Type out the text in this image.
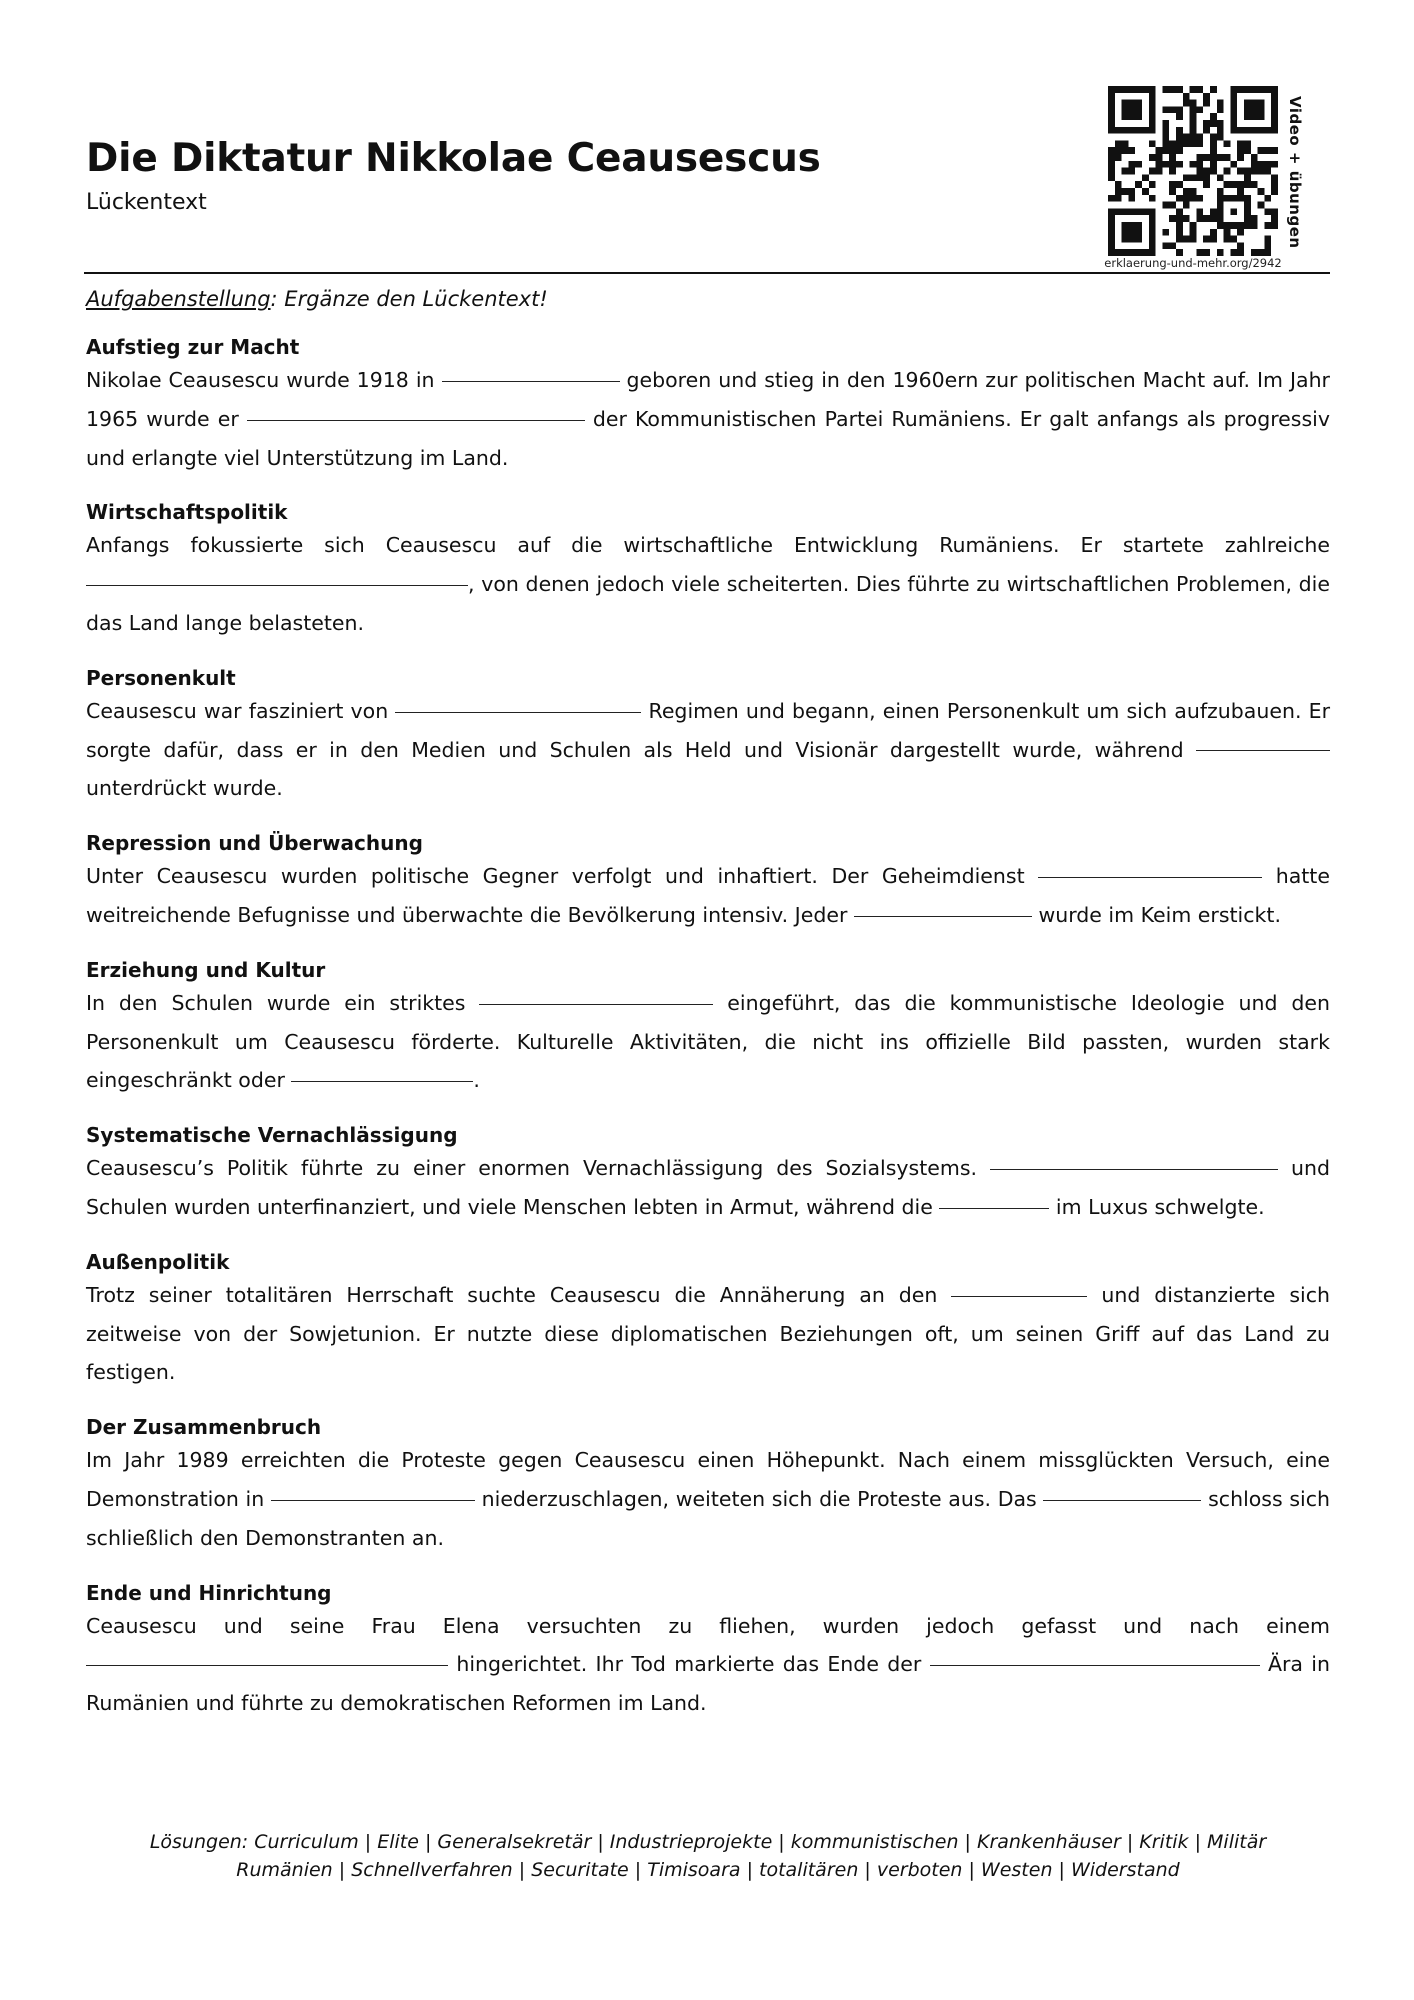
Die Diktatur Nikkolae Ceausescus
Lückentext
erklaerung-und-mehr.org/2942
Video + übungen
Aufgabenstellung: Ergänze den Lückentext!
Aufstieg zur Macht

Nikolae Ceausescu wurde 1918 in	geboren und stieg in den 1960ern zur politischen Macht auf. Im Jahr 1965 wurde er	der Kommunistischen Partei Rumäniens. Er galt anfangs als progressiv und erlangte viel Unterstützung im Land.

Wirtschaftspolitik

Anfangs fokussierte sich Ceausescu auf die wirtschaftliche Entwicklung Rumäniens. Er startete zahlreiche , von denen jedoch viele scheiterten. Dies führte zu wirtschaftlichen Problemen, die das Land lange belasteten.

Personenkult

Ceausescu war fasziniert von	Regimen und begann, einen Personenkult um sich aufzubauen. Er sorgte dafür, dass er in den Medien und Schulen als Held und Visionär dargestellt wurde, während  unterdrückt wurde.

Repression und Überwachung

Unter Ceausescu wurden politische Gegner verfolgt und inhaftiert. Der Geheimdienst	hatte weitreichende Befugnisse und überwachte die Bevölkerung intensiv. Jeder	wurde im Keim erstickt.

Erziehung und Kultur

In den Schulen wurde ein striktes	eingeführt, das die kommunistische Ideologie und den Personenkult um Ceausescu förderte. Kulturelle Aktivitäten, die nicht ins offizielle Bild passten, wurden stark eingeschränkt oder	.

Systematische Vernachlässigung

Ceausescu’s Politik führte zu einer enormen Vernachlässigung des Sozialsystems.	und Schulen wurden unterfinanziert, und viele Menschen lebten in Armut, während die	im Luxus schwelgte.

Außenpolitik

Trotz seiner totalitären Herrschaft suchte Ceausescu die Annäherung an den	und distanzierte sich zeitweise von der Sowjetunion. Er nutzte diese diplomatischen Beziehungen oft, um seinen Griff auf das Land zu festigen.

Der Zusammenbruch

Im Jahr 1989 erreichten die Proteste gegen Ceausescu einen Höhepunkt. Nach einem missglückten Versuch, eine Demonstration in	niederzuschlagen, weiteten sich die Proteste aus. Das	schloss sich schließlich den Demonstranten an.

Ende und Hinrichtung

Ceausescu und seine Frau Elena versuchten zu fliehen, wurden jedoch gefasst und nach einem  hingerichtet. Ihr Tod markierte das Ende der	Ära in Rumänien und führte zu demokratischen Reformen im Land.

Lösungen: Curriculum | Elite | Generalsekretär | Industrieprojekte | kommunistischen | Krankenhäuser | Kritik | Militär
Rumänien | Schnellverfahren | Securitate | Timisoara | totalitären | verboten | Westen | Widerstand
